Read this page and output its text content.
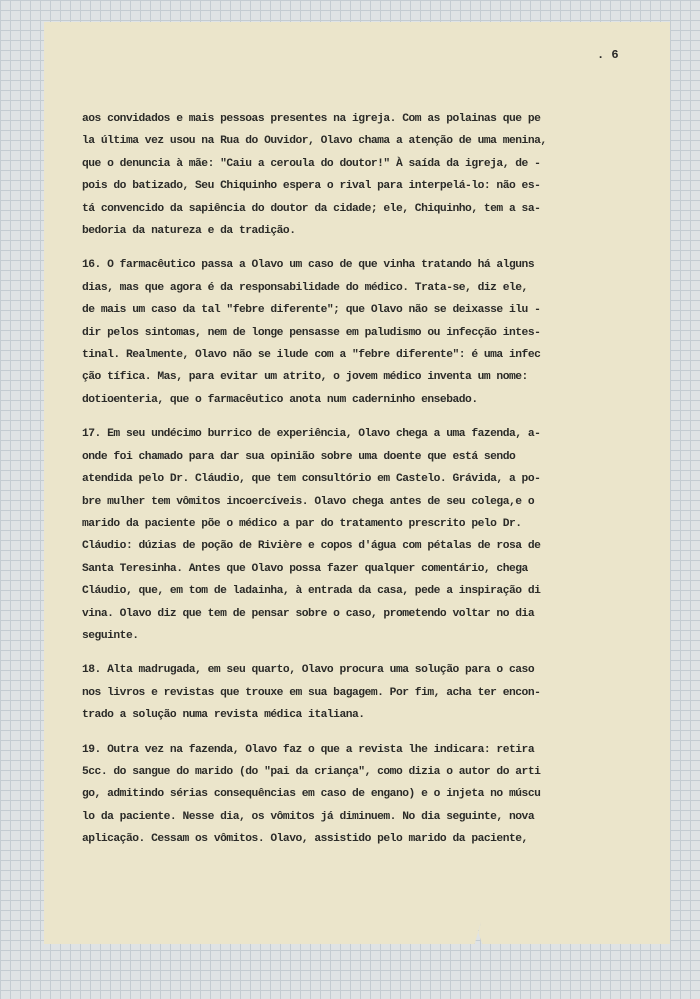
. 6
aos convidados e mais pessoas presentes na igreja. Com as polainas que pe
la última vez usou na Rua do Ouvidor, Olavo chama a atenção de uma menina,
que o denuncia à mãe: "Caiu a ceroula do doutor!" À saída da igreja, de -
pois do batizado, Seu Chiquinho espera o rival para interpelá-lo: não es-
tá convencido da sapiência do doutor da cidade; ele, Chiquinho, tem a sa-
bedoria da natureza e da tradição.
16. O farmacêutico passa a Olavo um caso de que vinha tratando há alguns
dias, mas que agora é da responsabilidade do médico. Trata-se, diz ele,
de mais um caso da tal "febre diferente"; que Olavo não se deixasse ilu -
dir pelos sintomas, nem de longe pensasse em paludismo ou infecção intes-
tinal. Realmente, Olavo não se ilude com a "febre diferente": é uma infec
ção tífica. Mas, para evitar um atrito, o jovem médico inventa um nome:
dotioenteria, que o farmacêutico anota num caderninho ensebado.
17. Em seu undécimo burrico de experiência, Olavo chega a uma fazenda, a-
onde foi chamado para dar sua opinião sobre uma doente que está sendo
atendida pelo Dr. Cláudio, que tem consultório em Castelo. Grávida, a po-
bre mulher tem vômitos incoercíveis. Olavo chega antes de seu colega,e o
marido da paciente põe o médico a par do tratamento prescrito pelo Dr.
Cláudio: dúzias de poção de Rivière e copos d'água com pétalas de rosa de
Santa Teresinha. Antes que Olavo possa fazer qualquer comentário, chega
Cláudio, que, em tom de ladainha, à entrada da casa, pede a inspiração di
vina. Olavo diz que tem de pensar sobre o caso, prometendo voltar no dia
seguinte.
18. Alta madrugada, em seu quarto, Olavo procura uma solução para o caso
nos livros e revistas que trouxe em sua bagagem. Por fim, acha ter encon-
trado a solução numa revista médica italiana.
19. Outra vez na fazenda, Olavo faz o que a revista lhe indicara: retira
5cc. do sangue do marido (do "pai da criança", como dizia o autor do arti
go, admitindo sérias consequências em caso de engano) e o injeta no múscu
lo da paciente. Nesse dia, os vômitos já diminuem. No dia seguinte, nova
aplicação. Cessam os vômitos. Olavo, assistido pelo marido da paciente,
